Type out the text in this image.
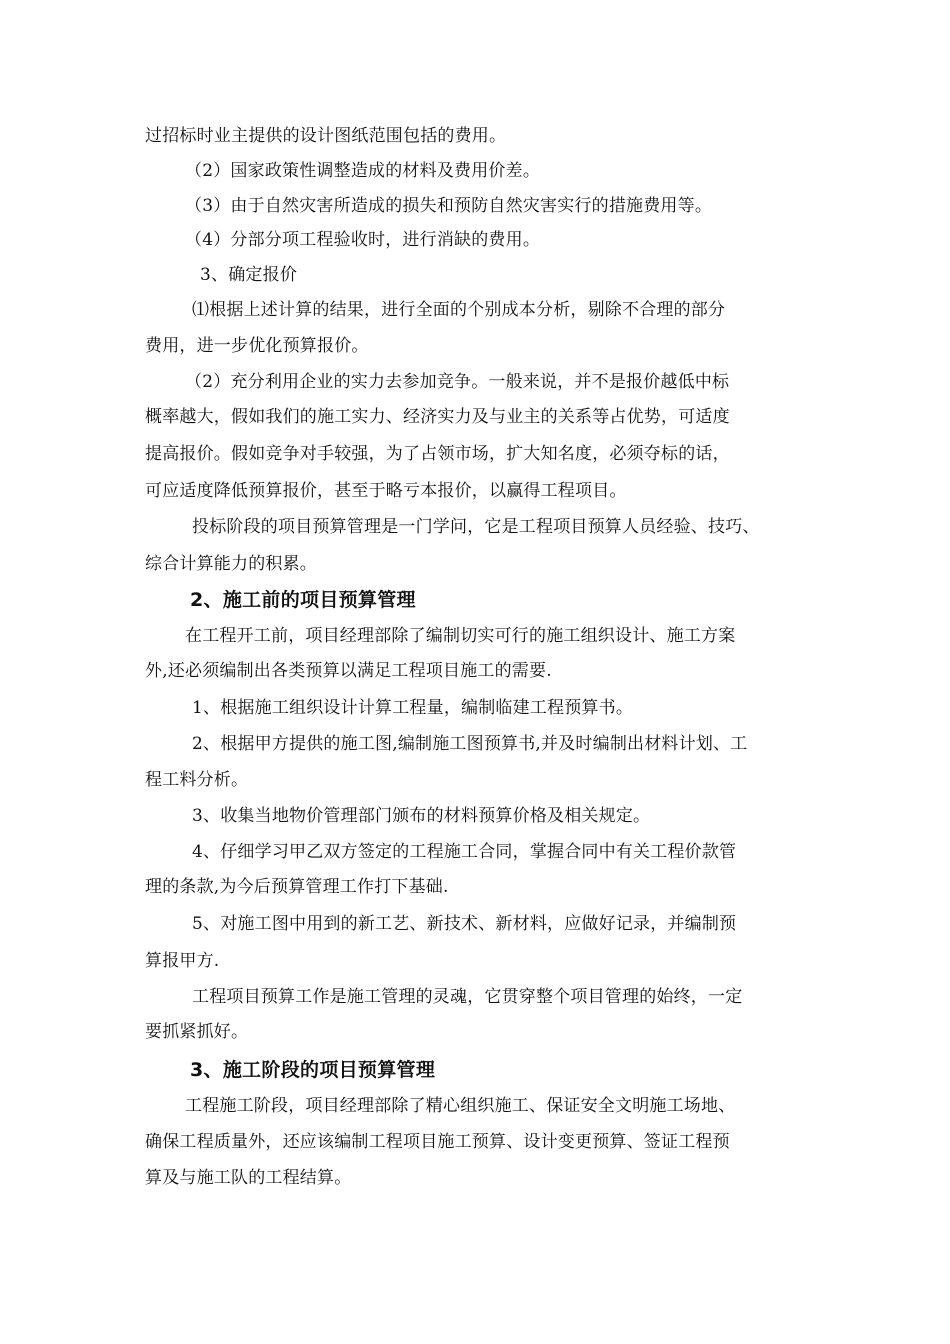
过招标时业主提供的设计图纸范围包括的费用。
（2）国家政策性调整造成的材料及费用价差。
（3）由于自然灾害所造成的损失和预防自然灾害实行的措施费用等。
（4）分部分项工程验收时，进行消缺的费用。
3、确定报价
⑴根据上述计算的结果，进行全面的个别成本分析，剔除不合理的部分
费用，进一步优化预算报价。
（2）充分利用企业的实力去参加竞争。一般来说，并不是报价越低中标
概率越大，假如我们的施工实力、经济实力及与业主的关系等占优势，可适度
提高报价。假如竞争对手较强，为了占领市场，扩大知名度，必须夺标的话，
可应适度降低预算报价，甚至于略亏本报价，以赢得工程项目。
投标阶段的项目预算管理是一门学问，它是工程项目预算人员经验、技巧、
综合计算能力的积累。
2、施工前的项目预算管理
在工程开工前，项目经理部除了编制切实可行的施工组织设计、施工方案
外,还必须编制出各类预算以满足工程项目施工的需要.
1、根据施工组织设计计算工程量，编制临建工程预算书。
2、根据甲方提供的施工图,编制施工图预算书,并及时编制出材料计划、工
程工料分析。
3、收集当地物价管理部门颁布的材料预算价格及相关规定。
4、仔细学习甲乙双方签定的工程施工合同，掌握合同中有关工程价款管
理的条款,为今后预算管理工作打下基础.
5、对施工图中用到的新工艺、新技术、新材料，应做好记录，并编制预
算报甲方.
工程项目预算工作是施工管理的灵魂，它贯穿整个项目管理的始终，一定
要抓紧抓好。
3、施工阶段的项目预算管理
工程施工阶段，项目经理部除了精心组织施工、保证安全文明施工场地、
确保工程质量外，还应该编制工程项目施工预算、设计变更预算、签证工程预
算及与施工队的工程结算。
